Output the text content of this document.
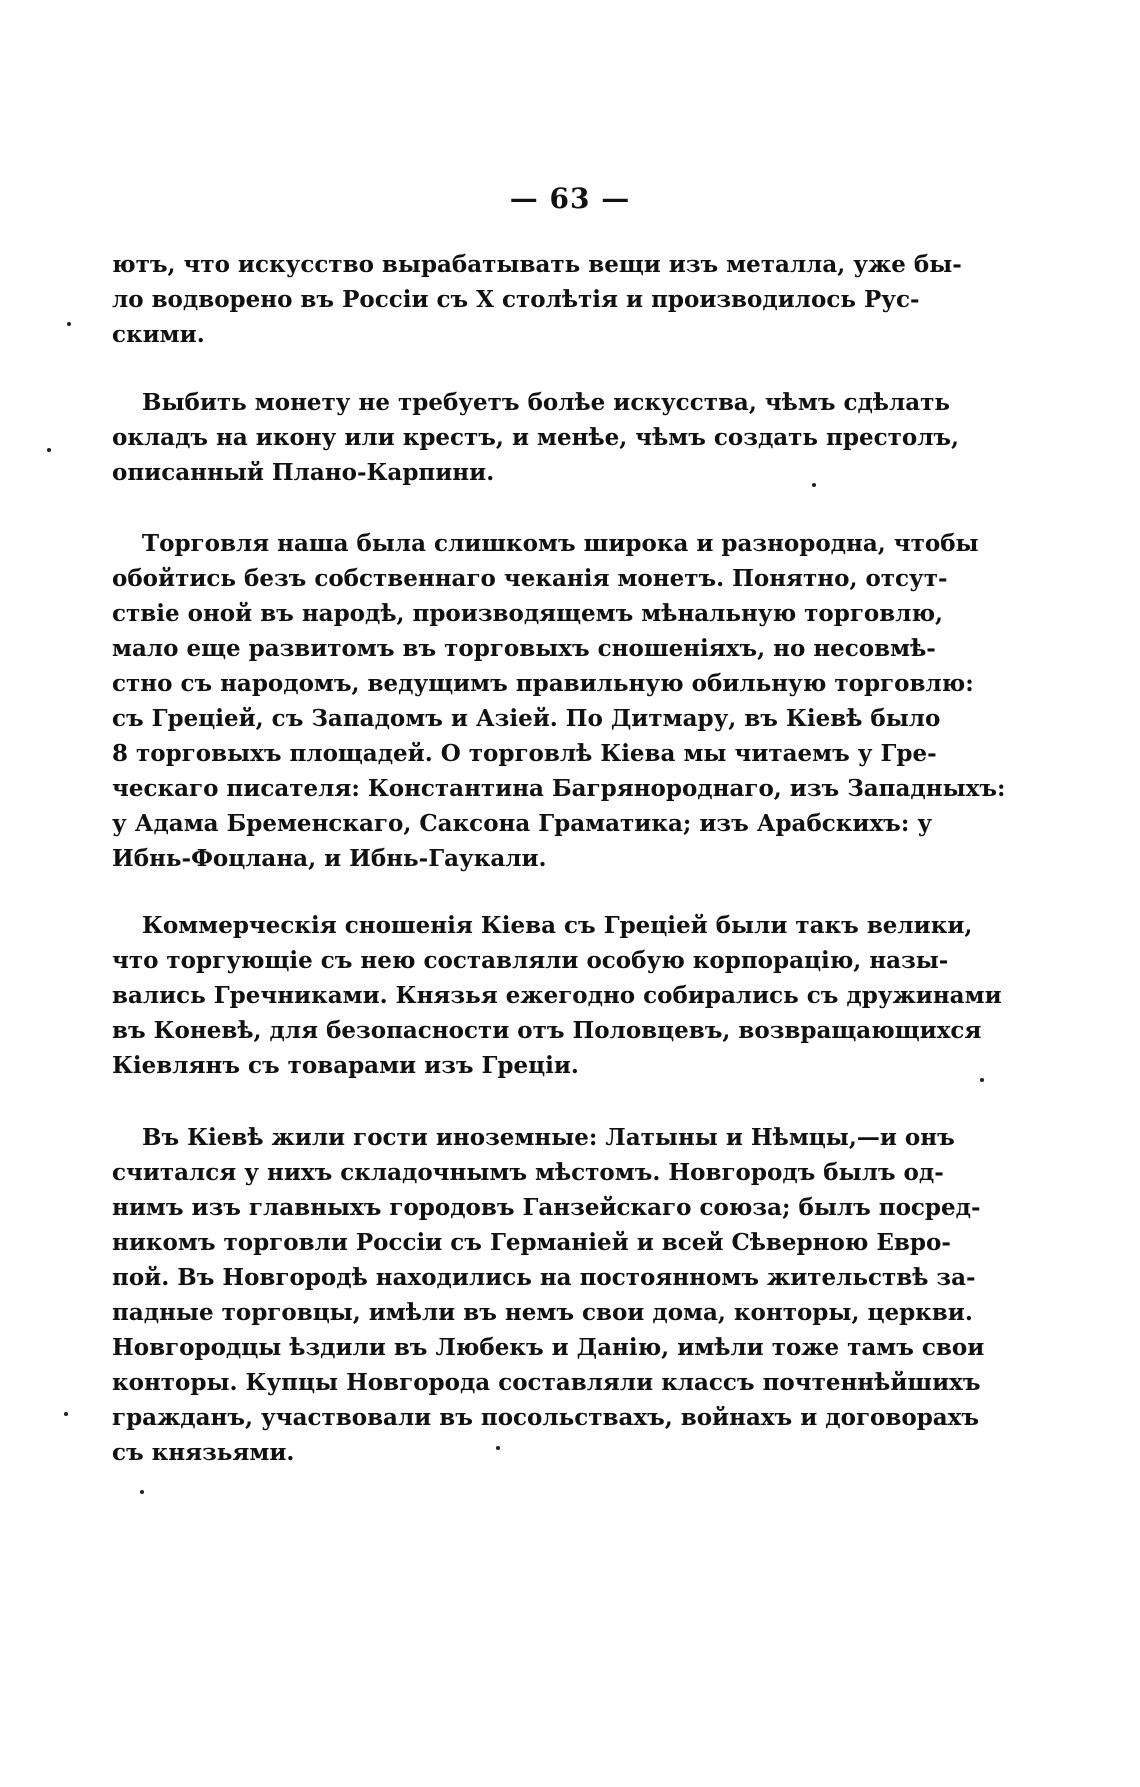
— 63 —
ютъ, что искусство вырабатывать вещи изъ металла, уже бы-
ло водворено въ Россіи съ X столѣтія и производилось Рус-
скими.
Выбить монету не требуетъ болѣе искусства, чѣмъ сдѣлать
окладъ на икону или крестъ, и менѣе, чѣмъ создать престолъ,
описанный Плано-Карпини.
Торговля наша была слишкомъ широка и разнородна, чтобы
обойтись безъ собственнаго чеканія монетъ. Понятно, отсут-
ствіе оной въ народѣ, производящемъ мѣнальную торговлю,
мало еще развитомъ въ торговыхъ сношеніяхъ, но несовмѣ-
стно съ народомъ, ведущимъ правильную обильную торговлю:
съ Греціей, съ Западомъ и Азіей. По Дитмару, въ Кіевѣ было
8 торговыхъ площадей. О торговлѣ Кіева мы читаемъ у Гре-
ческаго писателя: Константина Багрянороднаго, изъ Западныхъ:
у Адама Бременскаго, Саксона Граматика; изъ Арабскихъ: у
Ибнь-Фоцлана, и Ибнь-Гаукали.
Коммерческія сношенія Кіева съ Греціей были такъ велики,
что торгующіе съ нею составляли особую корпорацію, назы-
вались Гречниками. Князья ежегодно собирались съ дружинами
въ Коневѣ, для безопасности отъ Половцевъ, возвращающихся
Кіевлянъ съ товарами изъ Греціи.
Въ Кіевѣ жили гости иноземные: Латыны и Нѣмцы,—и онъ
считался у нихъ складочнымъ мѣстомъ. Новгородъ былъ од-
нимъ изъ главныхъ городовъ Ганзейскаго союза; былъ посред-
никомъ торговли Россіи съ Германіей и всей Сѣверною Евро-
пой. Въ Новгородѣ находились на постоянномъ жительствѣ за-
падные торговцы, имѣли въ немъ свои дома, конторы, церкви.
Новгородцы ѣздили въ Любекъ и Данію, имѣли тоже тамъ свои
конторы. Купцы Новгорода составляли классъ почтеннѣйшихъ
гражданъ, участвовали въ посольствахъ, войнахъ и договорахъ
съ князьями.
